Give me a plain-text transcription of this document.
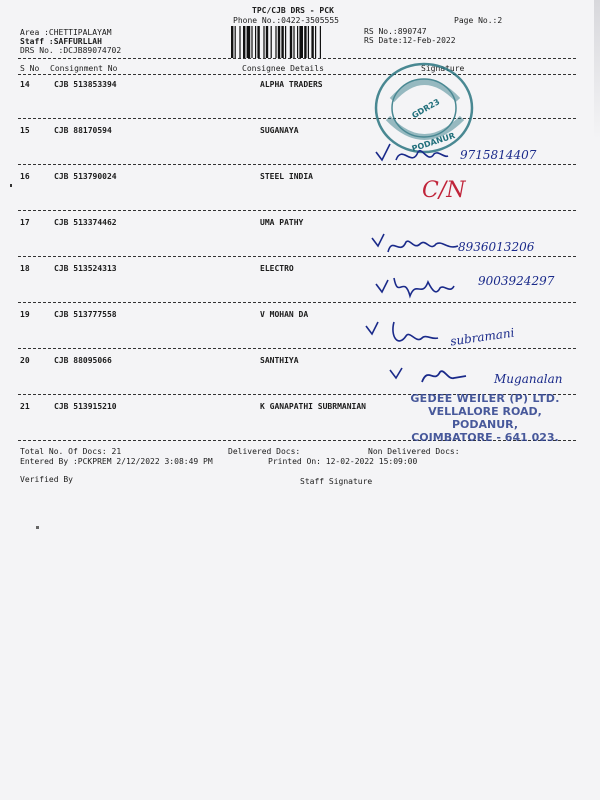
TPC/CJB DRS - PCK
Phone No.:0422-3505555	Page No.:2
Area :CHETTIPALAYAM
Staff :SAFFURLLAH
DRS No. :DCJB89074702
RS No.:890747
RS Date:12-Feb-2022
S No Consignment No	Consignee Details	Signature
14	CJB 513853394	ALPHA TRADERS
15	CJB 88170594	SUGANAYA
16	CJB 513790024	STEEL INDIA
17	CJB 513374462	UMA PATHY
18	CJB 513524313	ELECTRO
19	CJB 513777558	V MOHAN DA
20	CJB 88095066	SANTHIYA
21	CJB 513915210	K GANAPATHI SUBRMANIAN
Total No. Of Docs: 21	Delivered Docs:	Non Delivered Docs:
Entered By :PCKPREM 2/12/2022 3:08:49 PM	Printed On: 12-02-2022 15:09:00
Verified By	Staff Signature
PODANUR
GDR23
9715814407
C/N
8936013206
9003924297
subramani
Muganalan
GEDEE WEILER (P) LTD.
VELLALORE ROAD,
PODANUR,
COIMBATORE - 641 023.
